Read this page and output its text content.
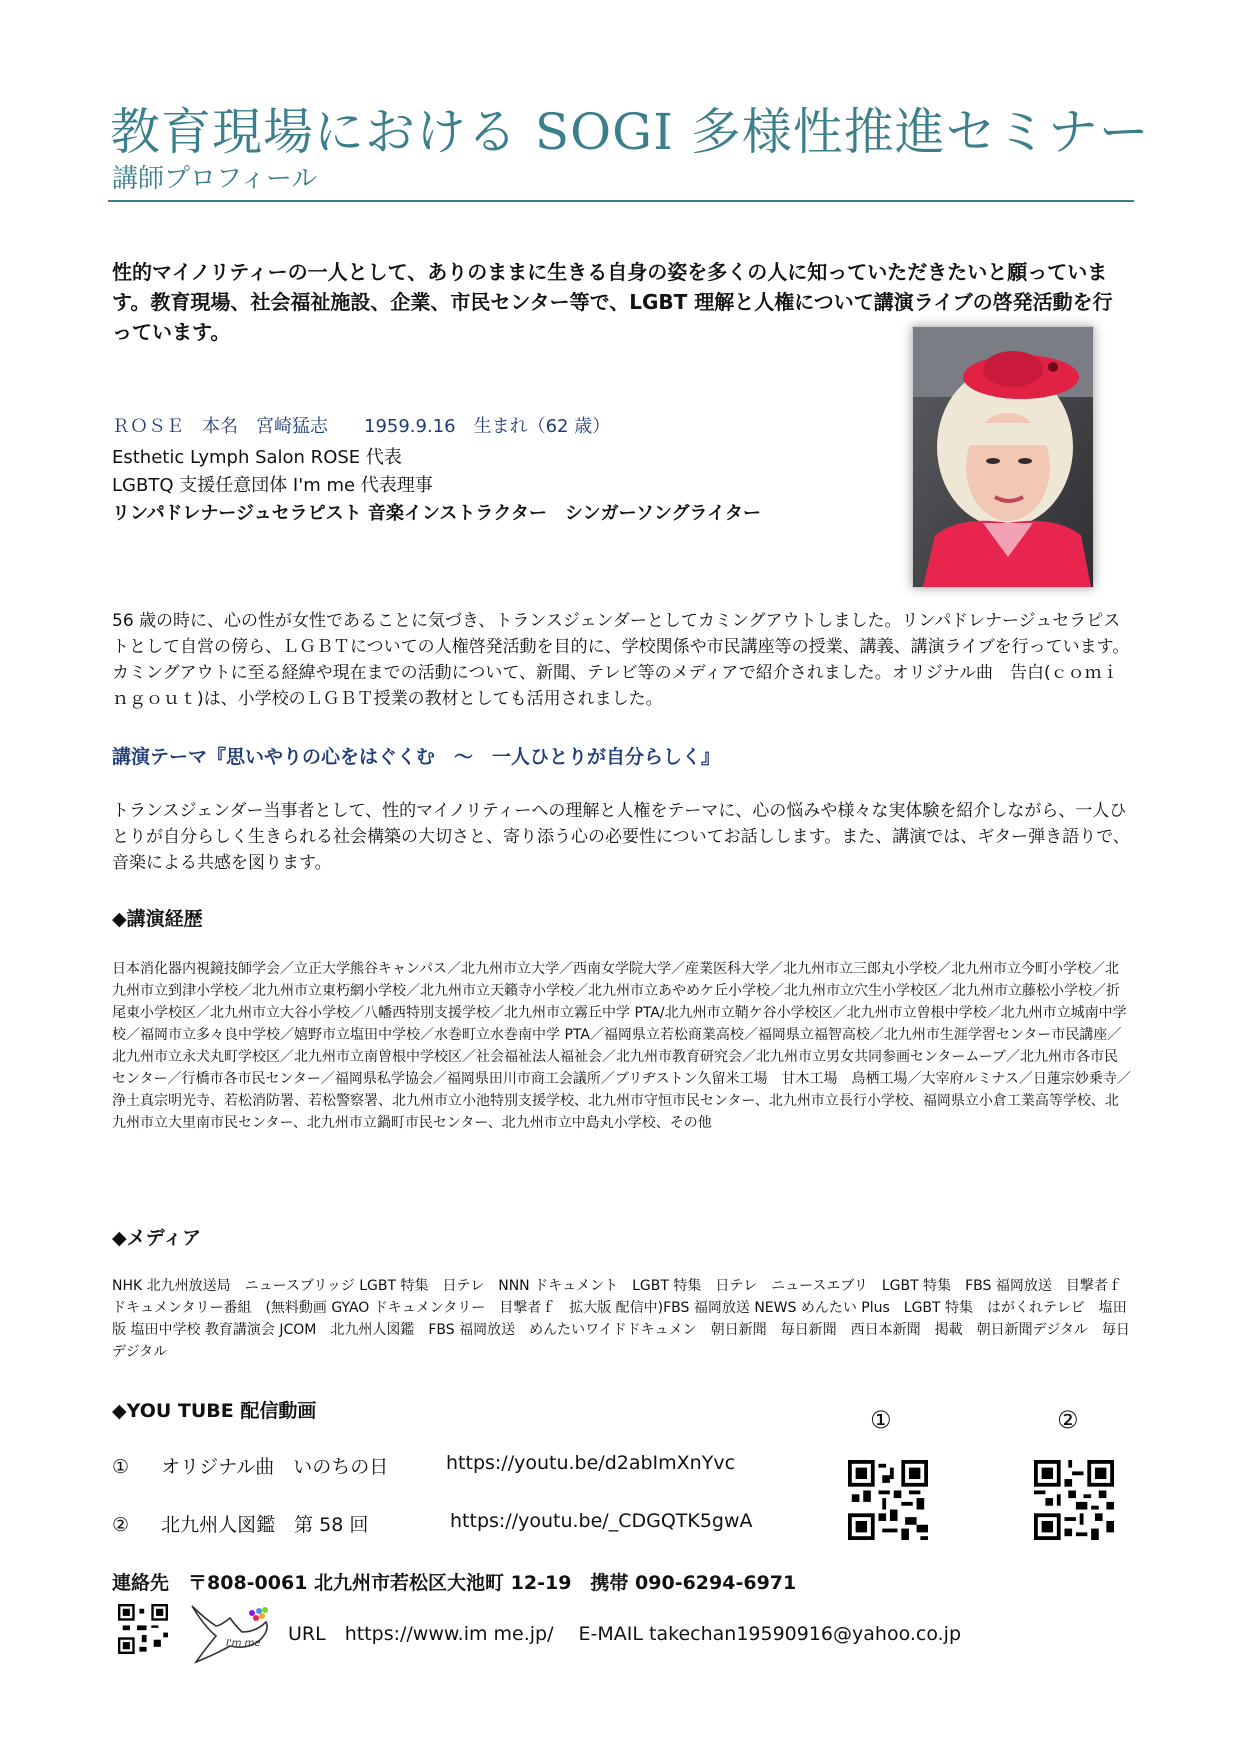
教育現場における SOGI 多様性推進セミナー
講師プロフィール
性的マイノリティーの一人として、ありのままに生きる自身の姿を多くの人に知っていただきたいと願っています。教育現場、社会福祉施設、企業、市民センター等で、LGBT 理解と人権について講演ライブの啓発活動を行っています。
ＲＯＳＥ　本名　宮崎猛志　　1959.9.16　生まれ（62 歳）
Esthetic Lymph Salon ROSE 代表
LGBTQ 支援任意団体 I'm me 代表理事
リンパドレナージュセラピスト 音楽インストラクター　シンガーソングライター
56 歳の時に、心の性が女性であることに気づき、トランスジェンダーとしてカミングアウトしました。リンパドレナージュセラピストとして自営の傍ら、ＬＧＢＴについての人権啓発活動を目的に、学校関係や市民講座等の授業、講義、講演ライブを行っています。カミングアウトに至る経緯や現在までの活動について、新聞、テレビ等のメディアで紹介されました。オリジナル曲　告白(ｃｏｍｉｎｇｏｕｔ)は、小学校のＬＧＢＴ授業の教材としても活用されました。
講演テーマ『思いやりの心をはぐくむ　～　一人ひとりが自分らしく』
トランスジェンダー当事者として、性的マイノリティーへの理解と人権をテーマに、心の悩みや様々な実体験を紹介しながら、一人ひとりが自分らしく生きられる社会構築の大切さと、寄り添う心の必要性についてお話しします。また、講演では、ギター弾き語りで、音楽による共感を図ります。
◆講演経歴
日本消化器内視鏡技師学会／立正大学熊谷キャンパス／北九州市立大学／西南女学院大学／産業医科大学／北九州市立三郎丸小学校／北九州市立今町小学校／北九州市立到津小学校／北九州市立東朽網小学校／北九州市立天籟寺小学校／北九州市立あやめケ丘小学校／北九州市立穴生小学校区／北九州市立藤松小学校／折尾東小学校区／北九州市立大谷小学校／八幡西特別支援学校／北九州市立霧丘中学 PTA/北九州市立鞘ケ谷小学校区／北九州市立曽根中学校／北九州市立城南中学校／福岡市立多々良中学校／嬉野市立塩田中学校／水巻町立水巻南中学 PTA／福岡県立若松商業高校／福岡県立福智高校／北九州市生涯学習センター市民講座／北九州市立永犬丸町学校区／北九州市立南曽根中学校区／社会福祉法人福祉会／北九州市教育研究会／北九州市立男女共同参画センタームーブ／北九州市各市民センター／行橋市各市民センター／福岡県私学協会／福岡県田川市商工会議所／ブリヂストン久留米工場　甘木工場　鳥栖工場／大宰府ルミナス／日蓮宗妙乗寺／浄土真宗明光寺、若松消防署、若松警察署、北九州市立小池特別支援学校、北九州市守恒市民センター、北九州市立長行小学校、福岡県立小倉工業高等学校、北九州市立大里南市民センター、北九州市立鍋町市民センター、北九州市立中島丸小学校、その他
◆メディア
NHK 北九州放送局　ニュースブリッジ LGBT 特集　日テレ　NNN ドキュメント　LGBT 特集　日テレ　ニュースエブリ　LGBT 特集　FBS 福岡放送　目撃者ｆドキュメンタリー番組　(無料動画 GYAO ドキュメンタリー　目撃者ｆ　拡大版 配信中)FBS 福岡放送 NEWS めんたい Plus　LGBT 特集　はがくれテレビ　塩田版 塩田中学校 教育講演会 JCOM　北九州人図鑑　FBS 福岡放送　めんたいワイドドキュメン　朝日新聞　毎日新聞　西日本新聞　掲載　朝日新聞デジタル　毎日デジタル
◆YOU TUBE 配信動画
① オリジナル曲　いのちの日	https://youtu.be/d2abImXnYvc
② 北九州人図鑑　第 58 回	https://youtu.be/_CDGQTK5gwA
①	②
連絡先　〒808-0061 北九州市若松区大池町 12-19　携帯 090-6294-6971
I'm me URL　https://www.im me.jp/　 E-MAIL takechan19590916@yahoo.co.jp
